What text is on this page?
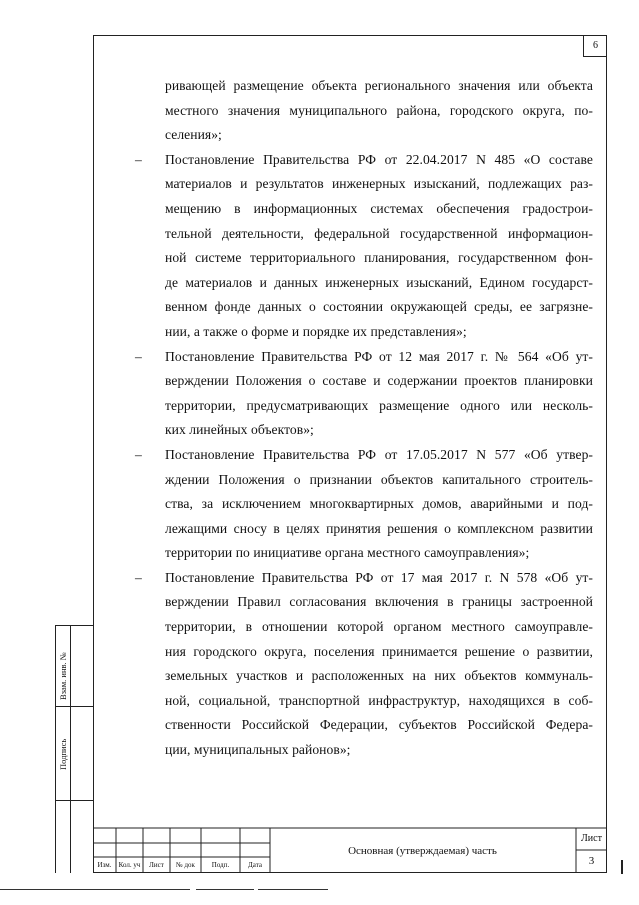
6

ривающей размещение объекта регионального значения или объекта

местного значения муниципального района, городского округа, по-

селения»;

– Постановление Правительства РФ от 22.04.2017 N 485 «О составе

материалов и результатов инженерных изысканий, подлежащих раз-

мещению в информационных системах обеспечения градострои-

тельной деятельности, федеральной государственной информацион-

ной системе территориального планирования, государственном фон-

де материалов и данных инженерных изысканий, Едином государст-

венном фонде данных о состоянии окружающей среды, ее загрязне-

нии, а также о форме и порядке их представления»;

– Постановление Правительства РФ от 12 мая 2017 г. № 564 «Об ут-

верждении Положения о составе и содержании проектов планировки

территории, предусматривающих размещение одного или несколь-

ких линейных объектов»;

– Постановление Правительства РФ от 17.05.2017 N 577 «Об утвер-

ждении Положения о признании объектов капитального строитель-

ства, за исключением многоквартирных домов, аварийными и под-

лежащими сносу в целях принятия решения о комплексном развитии

территории по инициативе органа местного самоуправления»;

– Постановление Правительства РФ от 17 мая 2017 г. N 578 «Об ут-

верждении Правил согласования включения в границы застроенной

территории, в отношении которой органом местного самоуправле-

ния городского округа, поселения принимается решение о развитии,

земельных участков и расположенных на них объектов коммуналь-

ной, социальной, транспортной инфраструктур, находящихся в соб-

ственности Российской Федерации, субъектов Российской Федера-

ции, муниципальных районов»;

Взам. инв. №
Подпись
Изм.	Кол. уч	Лист	№ док	Подп.	Дата
Основная (утверждаемая) часть
Лист
3
